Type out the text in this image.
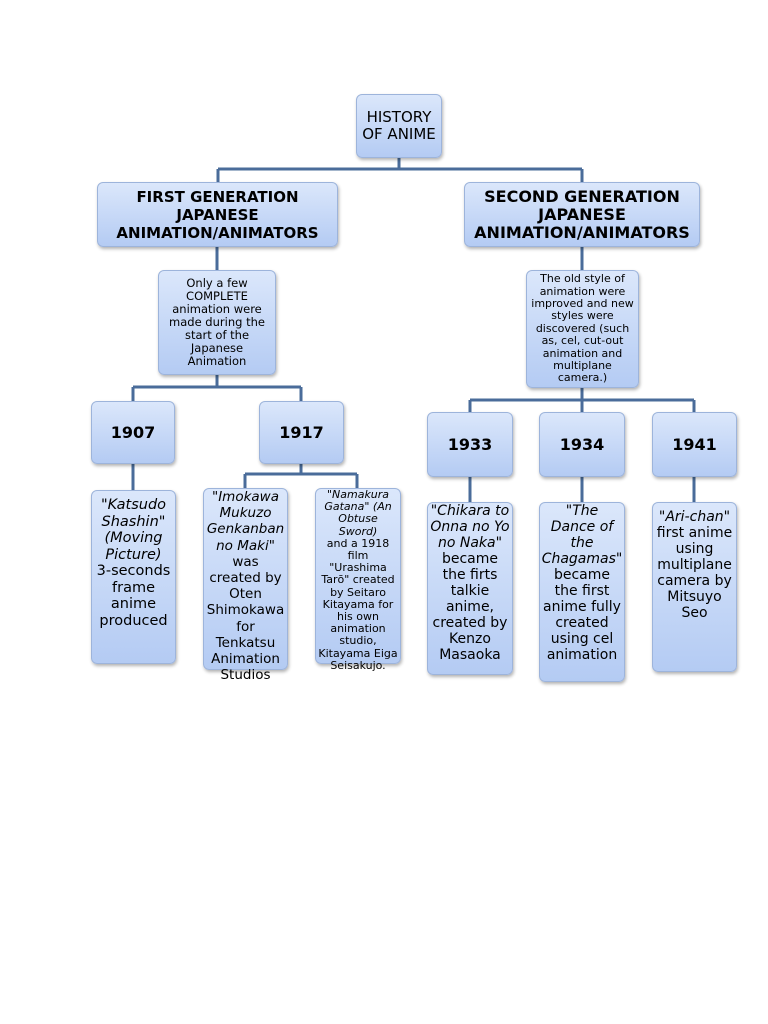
HISTORY OF ANIME
FIRST GENERATION JAPANESE ANIMATION/ANIMATORS
Only a few COMPLETE animation were made during the start of the Japanese Animation
1907	1917
"Katsudo Shashin" (Moving Picture)
3-seconds frame anime produced
"Imokawa Mukuzo Genkanban no Maki"
was created by Oten Shimokawa for Tenkatsu Animation Studios
"Namakura Gatana" (An Obtuse Sword)
and a 1918 film "Urashima Tarō" created by Seitaro Kitayama for his own animation studio, Kitayama Eiga Seisakujo.
SECOND GENERATION JAPANESE ANIMATION/ANIMATORS
The old style of animation were improved and new styles were discovered (such as, cel, cut-out animation and multiplane camera.)
1933	1934	1941
"Chikara to Onna no Yo no Naka"
became the firts talkie anime, created by Kenzo Masaoka
"The Dance of the Chagamas"
became the first anime fully created using cel animation
"Ari-chan"
first anime using multiplane camera by Mitsuyo Seo
